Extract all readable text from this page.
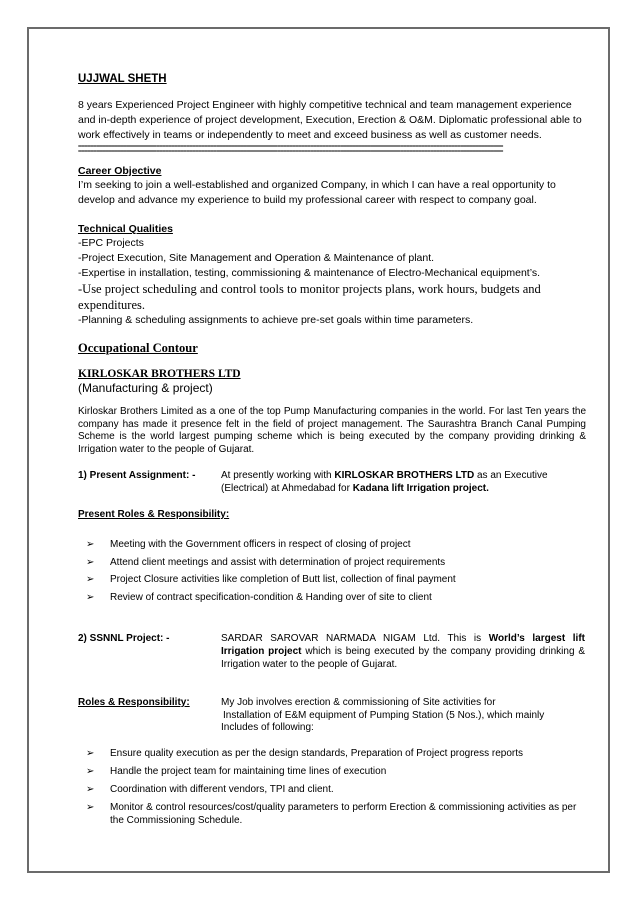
UJJWAL SHETH

8 years Experienced Project Engineer with highly competitive technical and team management experience and in-depth experience of project development, Execution, Erection & O&M. Diplomatic professional able to work effectively in teams or independently to meet and exceed business as well as customer needs.

=============================================================================================================================================
=============================================================================================================================================
Career Objective

I’m seeking to join a well-established and organized Company, in which I can have a real opportunity to develop and advance my experience to build my professional career with respect to company goal.

Technical Qualities
-EPC Projects
-Project Execution, Site Management and Operation & Maintenance of plant.
-Expertise in installation, testing, commissioning & maintenance of Electro-Mechanical equipment’s.
-Use project scheduling and control tools to monitor projects plans, work hours, budgets and expenditures.
-Planning & scheduling assignments to achieve pre-set goals within time parameters.
Occupational Contour
KIRLOSKAR BROTHERS LTD
(Manufacturing & project)

Kirloskar Brothers Limited as a one of the top Pump Manufacturing companies in the world. For last Ten years the company has made it presence felt in the field of project management. The Saurashtra Branch Canal Pumping Scheme is the world largest pumping scheme which is being executed by the company providing drinking & Irrigation water to the people of Gujarat.

1) Present Assignment: -	At presently working with KIRLOSKAR BROTHERS LTD as an Executive (Electrical) at Ahmedabad for Kadana lift Irrigation project.
Present Roles & Responsibility:
➢	Meeting with the Government officers in respect of closing of project
➢	Attend client meetings and assist with determination of project requirements
➢	Project Closure activities like completion of Butt list, collection of final payment
➢	Review of contract specification-condition & Handing over of site to client
2) SSNNL Project: -	SARDAR SAROVAR NARMADA NIGAM Ltd. This is World’s largest lift Irrigation project which is being executed by the company providing drinking & Irrigation water to the people of Gujarat.
Roles & Responsibility:	My Job involves erection & commissioning of Site activities for
Installation of E&M equipment of Pumping Station (5 Nos.), which mainly
Includes of following:
➢	Ensure quality execution as per the design standards, Preparation of Project progress reports
➢	Handle the project team for maintaining time lines of execution
➢	Coordination with different vendors, TPI and client.
➢	Monitor & control resources/cost/quality parameters to perform Erection & commissioning activities as per the Commissioning Schedule.
